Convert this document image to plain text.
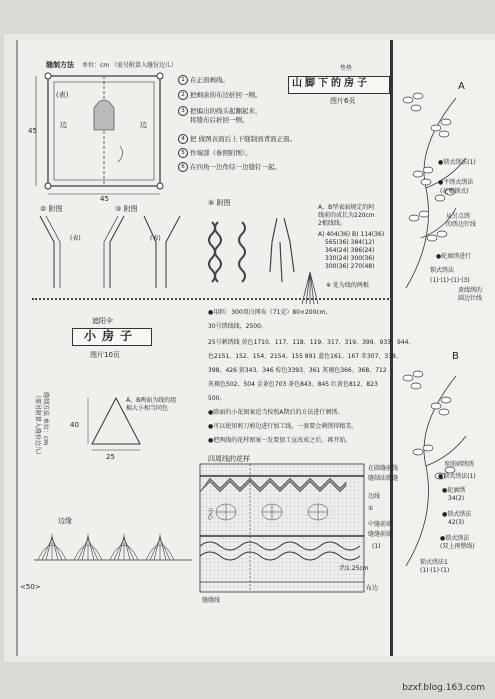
缝制方法 单位：cm （需另附算入缝份边儿）
(表)
边	边
45
45
1 在正面画线。
2 把剩余的布边折回一侧。
3 把编出的线头起翻起来，
将缝布后折回一侧。
4 把 做图表面后上下缝制到背面正面。
5 作端部（参照附图）。
6 在四角一边作结一边缝钉一起。
② 附图	③ 附图
⑤ 附图
(表)	(表)
垫垫
山脚下的房子
图片6页
A、B型表面规定的阿
线前的成长为220cm
2根线线。
A) 404(36) B) 114(36)
565(36) 384(12)
364(24) 386(24)
330(24) 300(36)
300(36) 270(48)
※ 处为线的两根
遮阳伞
小房子
图片10页
缝制方法 单位：cm
（需另附算入缝份边儿）	A、B两面为线的组
棉大小相当同色
40
25
边缘
●用料：300双白网布（71克）80×200cm。
30号绣线线，2500。
25号刺绣线 黄色1710、117、118、119、317、319、399、933、944、
色2151、152、154、2154、155 891 蓝色161、167 赤307、318、
398、426 黄343、346 棕色3393、361 灰褐色366、368、712
灰褐色502、504 金茶色703 茶色843、845 红黄色812、823
500。
●除面的小花图案适当按照A期后的方法进行刺绣。
●可以使用剪刀剪边进行加工线，一套要会刺绣得精美。
●把两线的花样图案一发要加工宣改成之后，再开始。
四周线的花样
中心
在圆缝前线
缝制法缝缝
边线
①
中缝前端
缝缝前端
(1)
缝缝线
布边
约1.25cm
<50>
A
B
●锁式绣法(1)
●平绣式绣法
(花瓣锁式)
从另点绣
的绣边针线
●轮廓绣进行
锁式绣法
(1)·(1)·(1)·(3)
黄线绣的
圆边针线
参照刺绣绣
●锁式绣法(1)
●轮廓绣
34(2)
●锁式绣法
42(3)
●锁式绣法
(双上再整线)
锁式绣法1
(1)·(1)·(1)
bzxf.blog.163.com
